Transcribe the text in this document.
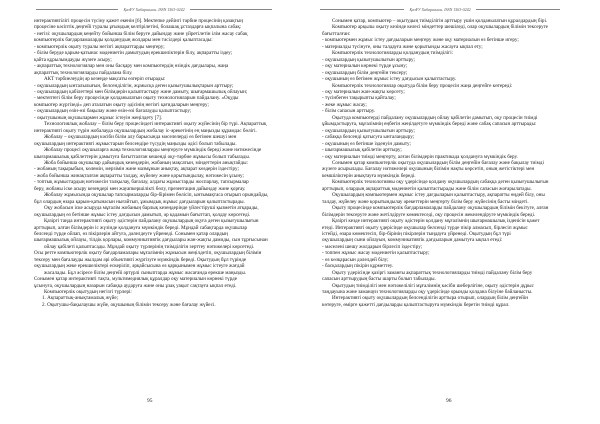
ҚазҰУ Хабаршысы. ISSN 1563-0242
интерактивтілігі процесін түсіну қажет екенін [6]. Мектепке дейінгі тәрбие процесінің қазақтың
процесіне кәсіптік деңгейі туралы ұғымдың келтірілетіні, болашақ ұстаздарға ықпалына сабақ:
- негізі: оқушылардың кеңейту бойынша білім беруге дайындау және үйретілетін ілім жасау сабақ
компьютерлік бағдарламаларды қолданудың жолдары мен тәсілдері қалыптасады:
- компьютерлік оқыту туралы негізгі ақпараттарды меңгеру;
- білім беруде қарым-қатынас мәдениетін дамытудың ерекшеліктерін білу, ақпаратты іздеу;
қайта құрылымдауды жүзеге асыру;
- ақпараттық технологиялар мен оны басқару мен компьютердің өзіндік дағдылары, жаңа
ақпараттық технологияларды пайдалана білу.
АКТ тәрбиелеудің әр кезеңде мақсаты өзгеріп отырады:
- оқушылардың ынталылығын, белсенділігін, жұмысқа деген қызығушылықтарын арттыру;
- оқушылардың қабілеттері мен білімдерін қалыптастыру және дамыту, шығармашылық ойлауын;
- мектептегі білім беру процесінде қолданылатын оқыту технологияларын пайдалану. «Оқуды
компьютер жүргізеді» деп аталатын оқыту әдісінің негізгі қағидаларын меңгеру;
- оқушылардың өзін-өзі бақылау және өзін-өзі бағалауды қалыптастыру;
- оқытушының оқушылармен жұмыс істеуін жеңілдету [7].
Технологиялық жобалау – білім беру процесіндегі интерактивті оқыту жүйесінің бір түрі. Ақпараттық
интерактивті оқыту түрін жобалауда оқушылардың жобалау іс-әрекетінің ең маңызды құрамдас бөлігі.
Жобалау – оқушылардың кәсіби білім алу барысында мәселелерді өз бетімен шешуі мен
оқушылардың интерактивті жұмыстарын белсендіре түсудің маңызды әдісі болып табылады.
Жобалау процесі оқушыларға жаңа технологияларды меңгеруге мүмкіндік береді және нәтижесінде
шығармашылық қабілеттерін дамытуға бағытталған кешенді оқу-тәрбие жұмысы болып табылады.
Жоба бойынша оқушылар дайындық кезеңдерін, жобаның мақсатын, міндеттерін анықтайды:
- жобаның тақырыбын, көлемін, мерзімін және мазмұнын анықтау, ақпарат көздерін іздестіру;
- жоба бойынша жинақталған ақпаратты талдау, жүйелеу және қорытындылау, нәтижесін ұсыну;
- топтық жұмыстардың нәтижесін талқылау, бағалау, алдағы жұмыстарды жоспарлау, тапсырмалар
беру, жобаны іске асыру кезеңдері мен жауапкершілікті бөлу, презентация дайындау және қорғау.
Жобалау жұмысында оқушылар тапсырмаларды бір-бірімен бөлісіп, ынтымақтаса отырып орындайды,
бұл олардың өзара қарым-қатынасын нығайтып, ұжымдық жұмыс дағдыларын қалыптастырады.
Оқу жобасын іске асыруда мұғалім жобаның барлық кезеңдерінде үйлестіруші қызметін атқарады,
оқушылардың өз бетінше жұмыс істеу дағдысын дамытып, әр қадамын бағыттап, қолдау көрсетеді.
Қазіргі таңда интерактивті оқыту әдістерін пайдалану оқушылардың оқуға деген қызығушылығын
арттырып, алған білімдерін іс жүзінде қолдануға мүмкіндік береді. Мұндай сабақтарда оқушылар
белсенді түрде ойлап, өз пікірлерін айтуға, дәлелдеуге үйренеді. Сонымен қатар олардың
шығармашылық ойлауы, тілдік қорлары, коммуникативтік дағдылары жан-жақты дамиды, сын тұрғысынан
ойлау қабілеті қалыптасады. Мұндай оқыту түрлерінің тиімділігін зерттеу нәтижелері көрсетеді.
Осы ретте компьютерлік оқыту бағдарламалары мұғалімнің жұмысын жеңілдетіп, оқушылардың білімін
тексеру мен бағалауды жылдам әрі объективті жүргізуге мүмкіндік береді. Оқытудың бұл түрінде
оқушылардың жеке ерекшеліктері ескеріліп, әрқайсысына өз қарқынымен жұмыс істеуге жағдай
жасалады. Бұл әсіресе білім деңгейі әртүрлі сыныптарда жұмыс жасағанда ерекше маңызды.
Сонымен қатар интерактивті тақта, мультимедиялық құралдар оқу материалын көрнекі түрде
ұсынуға, оқушылардың назарын сабаққа аударуға және оны ұзақ уақыт сақтауға ықпал етеді.
Компьютерлік оқытудың негізгі түрлері:
1. Ақпараттық-анықтамалық жүйе;
2. Оқытушы-бақылаушы жүйе, оқушының білімін тексеру және бағалау жүйесі.
95
ҚазҰУ Хабаршысы. ISSN 1563-0242
Сонымен қатар, компьютер – оқытудың тиімділігін арттыру үшін қолданылатын құралдардың бірі.
Компьютер арқылы оқыту кезінде келесі міндеттер шешіледі, олар оқушылардың білімін тексеруге
бағытталған:
- компьютермен жұмыс істеу дағдыларын меңгеру және оқу материалын өз бетінше игеру;
- материалды түсінуге, оны талдауға және қорытынды жасауға ықпал ету;
Компьютерлік технологияларды қолданудың тиімділігі:
- оқушылардың қызығушылығын арттыру;
- оқу материалын көрнекі түрде ұсыну;
- оқушылардың білім деңгейін тексеру;
- оқушының өз бетімен жұмыс істеу дағдысын қалыптастыру.
Компьютерлік технологиялар оқытуда білім беру процесін жаңа деңгейге көтереді:
- оқу материалын жан-жақты көрсету;
- түсінбеген тақырыпты қайталау;
- жеке жұмыс жасау;
- білім сапасын арттыру.
Оқытуда компьютерді пайдалану оқушылардың ойлау қабілетін дамытып, оқу процесін тиімді
ұйымдастыруға, мұғалімнің еңбегін жеңілдетуге мүмкіндік береді және сабақ сапасын арттырады:
- оқушылардың қызығушылығын арттыру;
- сабаққа белсенді қатысуға ынталандыру;
- оқушының өз бетінше ізденуін дамыту;
- шығармашылық қабілетін арттыру;
- оқу материалын тиімді меңгерту, алған білімдерін практикада қолдануға мүмкіндік беру.
Сонымен қатар компьютерлік оқытуда оқушылардың білім деңгейін бағалау және бақылау тиімді
жүзеге асырылады. Бағалау нәтижелері оқушының білімін нақты көрсетіп, оның жетістіктері мен
кемшіліктерін анықтауға мүмкіндік береді.
Компьютерлік технологияны оқу үдерісінде қолдану оқушылардың сабаққа деген қызығушылығын
арттырып, олардың ақпараттық мәдениетін қалыптастырады және білім сапасын жоғарылатады.
Оқушылардың компьютермен жұмыс істеу дағдыларын қалыптастыру, ақпаратты өңдей білу, оны
талдау, жүйелеу және қорытындылау әрекеттерін меңгерту білім беру жүйесінің басты міндеті.
Оқыту процесінде компьютерлік бағдарламаларды пайдалану оқушылардың білімін бекітуге, алған
білімдерін тексеруге және жетілдіруге көмектеседі, оқу процесін жекелендіруге мүмкіндік береді.
Қазіргі кезде интерактивті оқыту әдістерін қолдану мұғалімнің шығармашылық ізденісін қажет
етеді. Интерактивті оқыту үдерісінде оқушылар белсенді түрде пікір алмасып, бірлесіп жұмыс
істейді, өзара көмектесіп, бір-бірінің пікірлерін тыңдауға үйренеді. Оқытудың бұл түрі
оқушылардың сыни ойлауын, коммуникативтік дағдыларын дамытуға ықпал етеді:
- мәселені шешу жолдарын бірлесіп іздестіру;
- топпен жұмыс жасау мәдениетін қалыптастыру;
- өз көзқарасын дәлелдей білу;
- басқалардың пікірін құрметтеу.
Оқыту үдерісінде қазіргі заманғы ақпараттық технологияларды тиімді пайдалану білім беру
сапасын арттырудың басты шарты болып табылады.
Оқытудың тиімділігі мен нәтижелілігі мұғалімнің кәсіби шеберлігіне, оқыту әдістерін дұрыс
таңдауына және заманауи технологияларды оқу үдерісінде орынды қолдана білуіне байланысты.
Интерактивті оқыту оқушылардың белсенділігін арттыра отырып, олардың білім деңгейін
көтеруге, өмірге қажетті дағдыларды қалыптастыруға мүмкіндік беретін тиімді құрал.
96
